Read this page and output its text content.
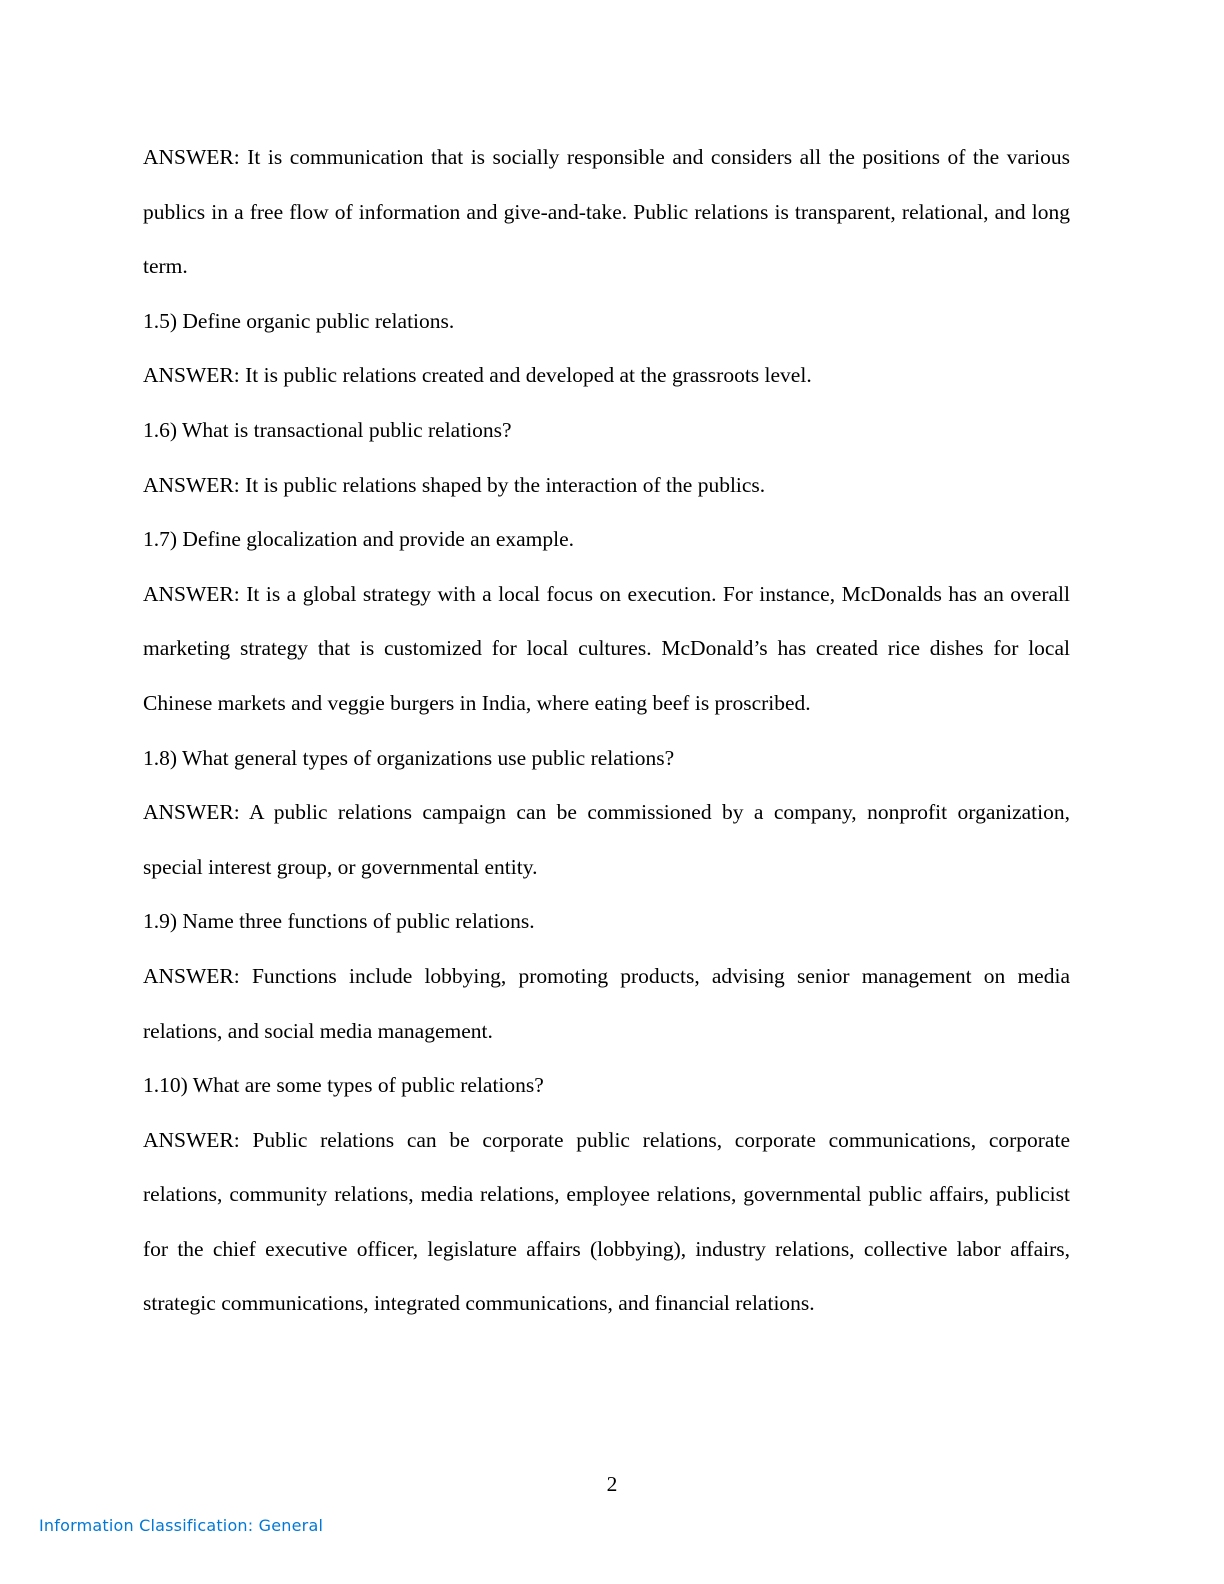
ANSWER: It is communication that is socially responsible and considers all the positions of the various publics in a free flow of information and give-and-take. Public relations is transparent, relational, and long term.

1.5) Define organic public relations.

ANSWER: It is public relations created and developed at the grassroots level.

1.6) What is transactional public relations?

ANSWER: It is public relations shaped by the interaction of the publics.

1.7) Define glocalization and provide an example.

ANSWER: It is a global strategy with a local focus on execution. For instance, McDonalds has an overall marketing strategy that is customized for local cultures. McDonald’s has created rice dishes for local Chinese markets and veggie burgers in India, where eating beef is proscribed.

1.8) What general types of organizations use public relations?

ANSWER: A public relations campaign can be commissioned by a company, nonprofit organization, special interest group, or governmental entity.

1.9) Name three functions of public relations.

ANSWER: Functions include lobbying, promoting products, advising senior management on media relations, and social media management.

1.10) What are some types of public relations?

ANSWER: Public relations can be corporate public relations, corporate communications, corporate relations, community relations, media relations, employee relations, governmental public affairs, publicist for the chief executive officer, legislature affairs (lobbying), industry relations, collective labor affairs, strategic communications, integrated communications, and financial relations.

2
Information Classification: General
